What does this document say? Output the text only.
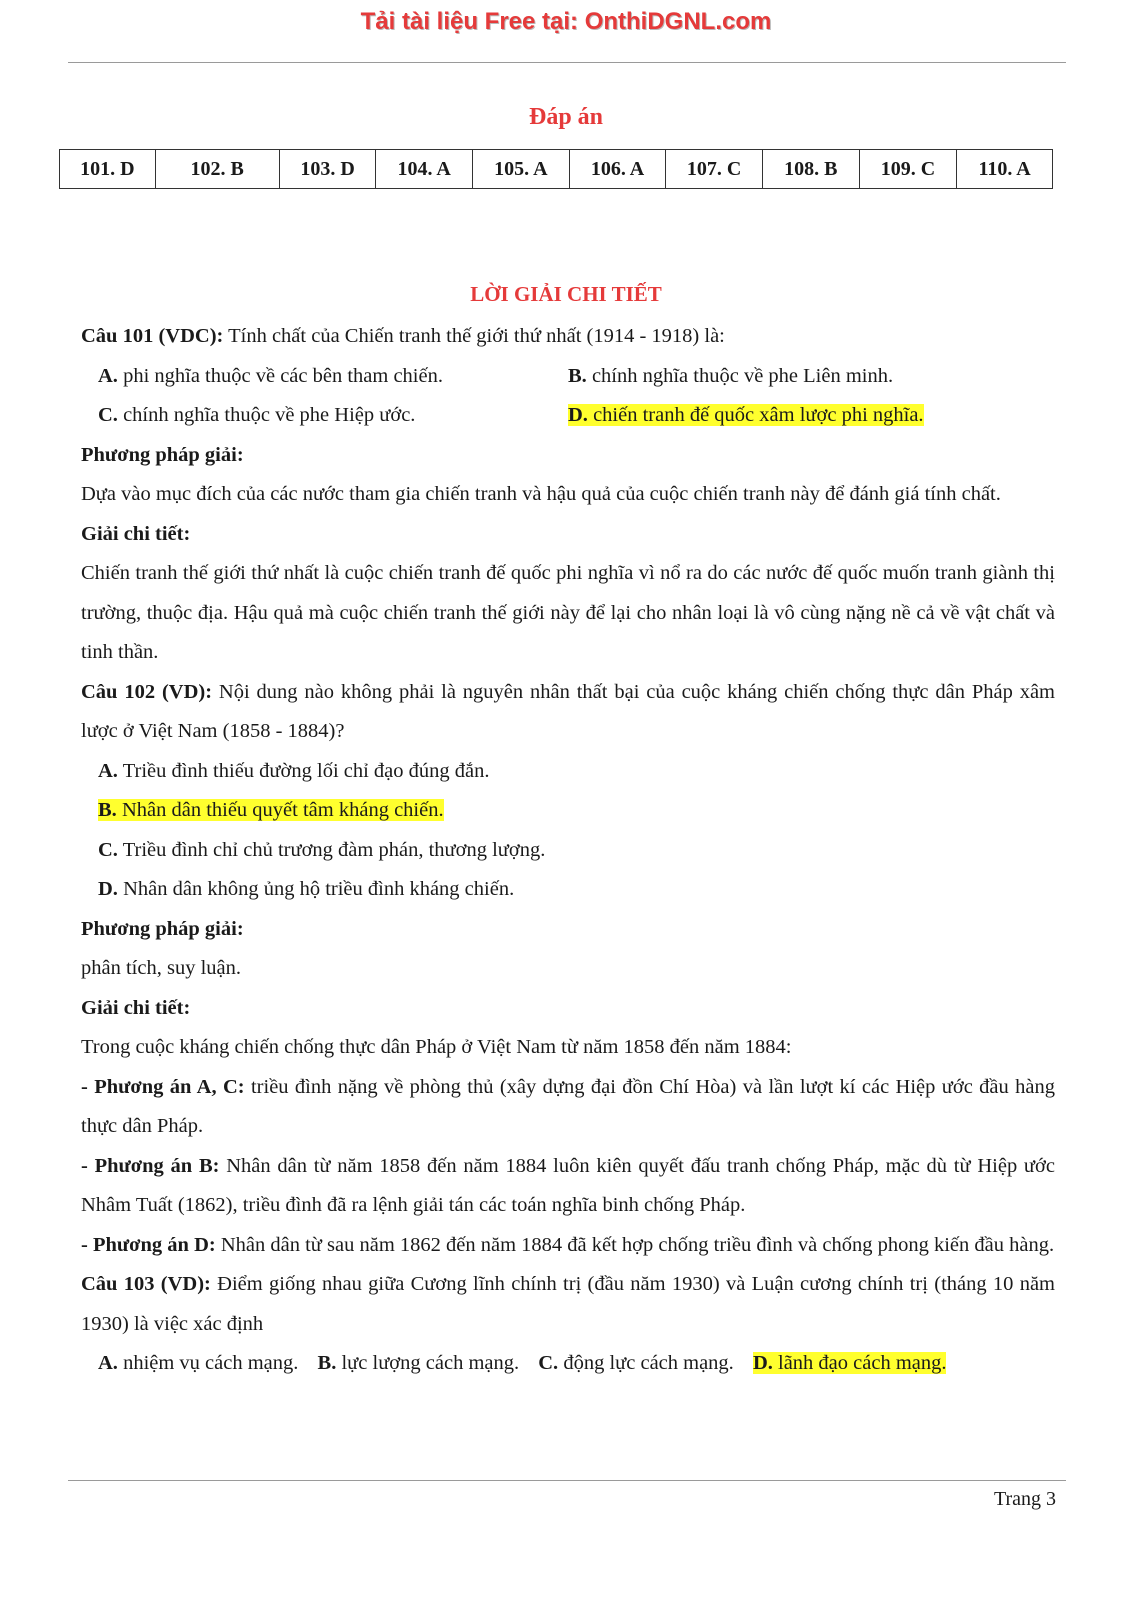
Tải tài liệu Free tại: OnthiDGNL.com
Đáp án
101. D	102. B	103. D	104. A	105. A	106. A	107. C	108. B	109. C	110. A
LỜI GIẢI CHI TIẾT

Câu 101 (VDC): Tính chất của Chiến tranh thế giới thứ nhất (1914 - 1918) là:

A. phi nghĩa thuộc về các bên tham chiến.	B. chính nghĩa thuộc về phe Liên minh.
C. chính nghĩa thuộc về phe Hiệp ước.	D. chiến tranh đế quốc xâm lược phi nghĩa.

Phương pháp giải:

Dựa vào mục đích của các nước tham gia chiến tranh và hậu quả của cuộc chiến tranh này để đánh giá tính chất.

Giải chi tiết:

Chiến tranh thế giới thứ nhất là cuộc chiến tranh đế quốc phi nghĩa vì nổ ra do các nước đế quốc muốn tranh giành thị trường, thuộc địa. Hậu quả mà cuộc chiến tranh thế giới này để lại cho nhân loại là vô cùng nặng nề cả về vật chất và tinh thần.

Câu 102 (VD): Nội dung nào không phải là nguyên nhân thất bại của cuộc kháng chiến chống thực dân Pháp xâm lược ở Việt Nam (1858 - 1884)?

A. Triều đình thiếu đường lối chỉ đạo đúng đắn.
B. Nhân dân thiếu quyết tâm kháng chiến.
C. Triều đình chỉ chủ trương đàm phán, thương lượng.
D. Nhân dân không ủng hộ triều đình kháng chiến.

Phương pháp giải:

phân tích, suy luận.

Giải chi tiết:

Trong cuộc kháng chiến chống thực dân Pháp ở Việt Nam từ năm 1858 đến năm 1884:

- Phương án A, C: triều đình nặng về phòng thủ (xây dựng đại đồn Chí Hòa) và lần lượt kí các Hiệp ước đầu hàng thực dân Pháp.

- Phương án B: Nhân dân từ năm 1858 đến năm 1884 luôn kiên quyết đấu tranh chống Pháp, mặc dù từ Hiệp ước Nhâm Tuất (1862), triều đình đã ra lệnh giải tán các toán nghĩa binh chống Pháp.

- Phương án D: Nhân dân từ sau năm 1862 đến năm 1884 đã kết hợp chống triều đình và chống phong kiến đầu hàng.

Câu 103 (VD): Điểm giống nhau giữa Cương lĩnh chính trị (đầu năm 1930) và Luận cương chính trị (tháng 10 năm 1930) là việc xác định

A. nhiệm vụ cách mạng. B. lực lượng cách mạng. C. động lực cách mạng. D. lãnh đạo cách mạng.
Trang 3
